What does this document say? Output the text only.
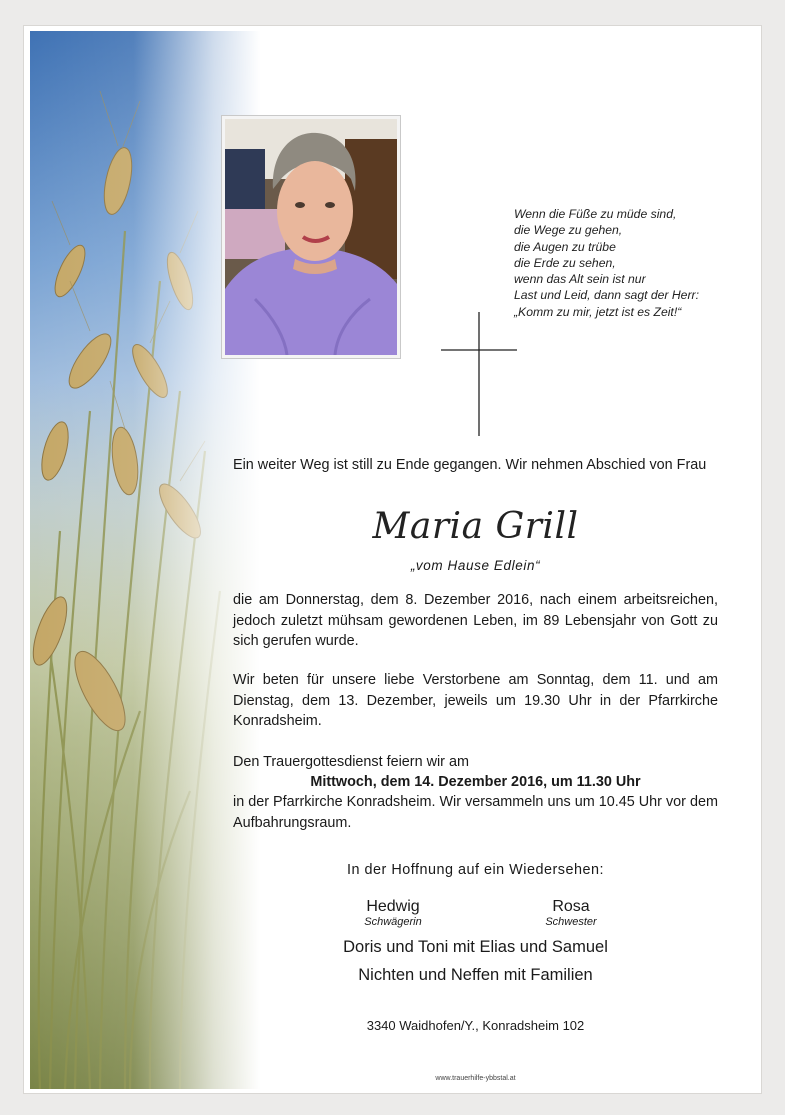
Wenn die Füße zu müde sind,
die Wege zu gehen,
die Augen zu trübe
die Erde zu sehen,
wenn das Alt sein ist nur
Last und Leid, dann sagt der Herr:
„Komm zu mir, jetzt ist es Zeit!“
Ein weiter Weg ist still zu Ende gegangen. Wir nehmen Abschied von Frau
Maria Grill
„vom Hause Edlein“
die am Donnerstag, dem 8. Dezember 2016, nach einem arbeitsreichen, jedoch zuletzt mühsam gewordenen Leben, im 89 Lebensjahr von Gott zu sich gerufen wurde.
Wir beten für unsere liebe Verstorbene am Sonntag, dem 11. und am Dienstag, dem 13. Dezember, jeweils um 19.30 Uhr in der Pfarrkirche Konradsheim.
Den Trauergottesdienst feiern wir am
Mittwoch, dem 14. Dezember 2016, um 11.30 Uhr
in der Pfarrkirche Konradsheim. Wir versammeln uns um 10.45 Uhr vor dem Aufbahrungsraum.
In der Hoffnung auf ein Wiedersehen:
Hedwig
Schwägerin
Rosa
Schwester
Doris und Toni mit Elias und Samuel
Nichten und Neffen mit Familien
3340 Waidhofen/Y., Konradsheim 102
www.trauerhilfe-ybbstal.at
